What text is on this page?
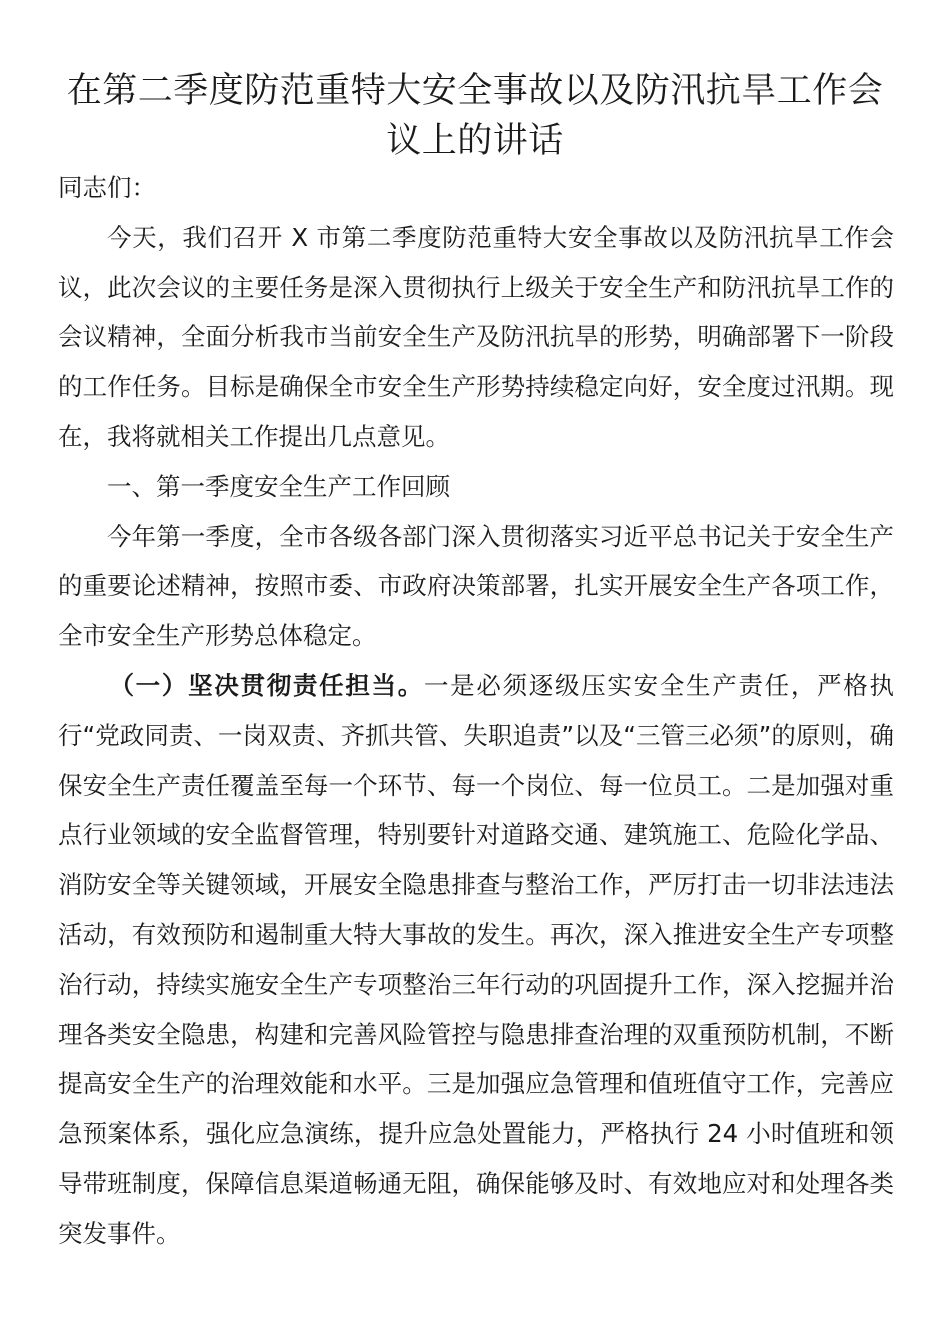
在第二季度防范重特大安全事故以及防汛抗旱工作会议上的讲话

同志们：

今天，我们召开 X 市第二季度防范重特大安全事故以及防汛抗旱工作会议，此次会议的主要任务是深入贯彻执行上级关于安全生产和防汛抗旱工作的会议精神，全面分析我市当前安全生产及防汛抗旱的形势，明确部署下一阶段的工作任务。目标是确保全市安全生产形势持续稳定向好，安全度过汛期。现在，我将就相关工作提出几点意见。

一、第一季度安全生产工作回顾

今年第一季度，全市各级各部门深入贯彻落实习近平总书记关于安全生产的重要论述精神，按照市委、市政府决策部署，扎实开展安全生产各项工作，全市安全生产形势总体稳定。

（一）坚决贯彻责任担当。一是必须逐级压实安全生产责任，严格执行“党政同责、一岗双责、齐抓共管、失职追责”以及“三管三必须”的原则，确保安全生产责任覆盖至每一个环节、每一个岗位、每一位员工。二是加强对重点行业领域的安全监督管理，特别要针对道路交通、建筑施工、危险化学品、消防安全等关键领域，开展安全隐患排查与整治工作，严厉打击一切非法违法活动，有效预防和遏制重大特大事故的发生。再次，深入推进安全生产专项整治行动，持续实施安全生产专项整治三年行动的巩固提升工作，深入挖掘并治理各类安全隐患，构建和完善风险管控与隐患排查治理的双重预防机制，不断提高安全生产的治理效能和水平。三是加强应急管理和值班值守工作，完善应急预案体系，强化应急演练，提升应急处置能力，严格执行 24 小时值班和领导带班制度，保障信息渠道畅通无阻，确保能够及时、有效地应对和处理各类突发事件。
